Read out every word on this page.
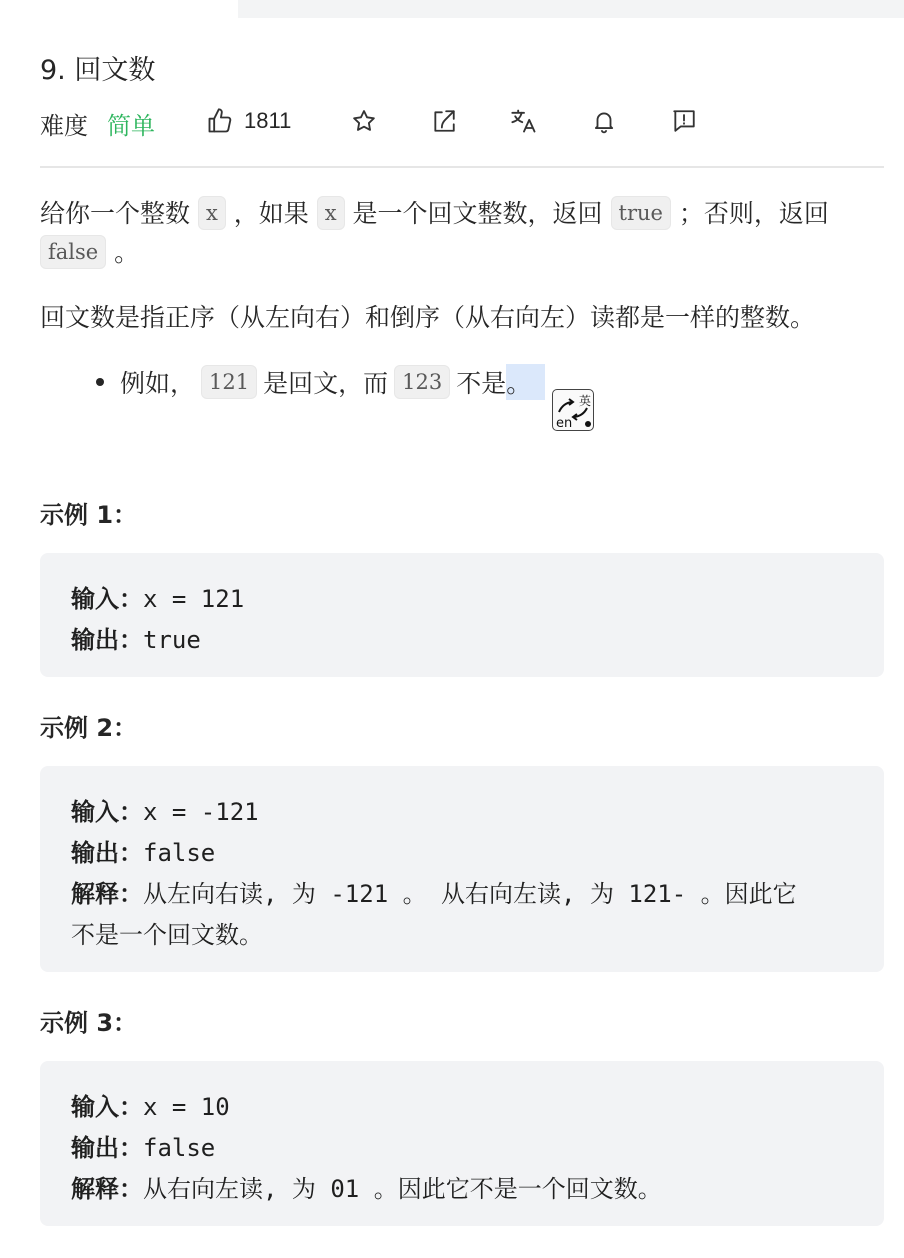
9. 回文数
难度 简单	1811
给你一个整数 x ，如果 x 是一个回文整数，返回 true ；否则，返回 false 。
回文数是指正序（从左向右）和倒序（从右向左）读都是一样的整数。
例如， 121 是回文，而 123 不是 。
英
en
示例 1：
输入：x = 121
输出：true
示例 2：
输入：x = -121
输出：false
解释：从左向右读, 为 -121 。 从右向左读, 为 121- 。因此它
不是一个回文数。
示例 3：
输入：x = 10
输出：false
解释：从右向左读, 为 01 。因此它不是一个回文数。
